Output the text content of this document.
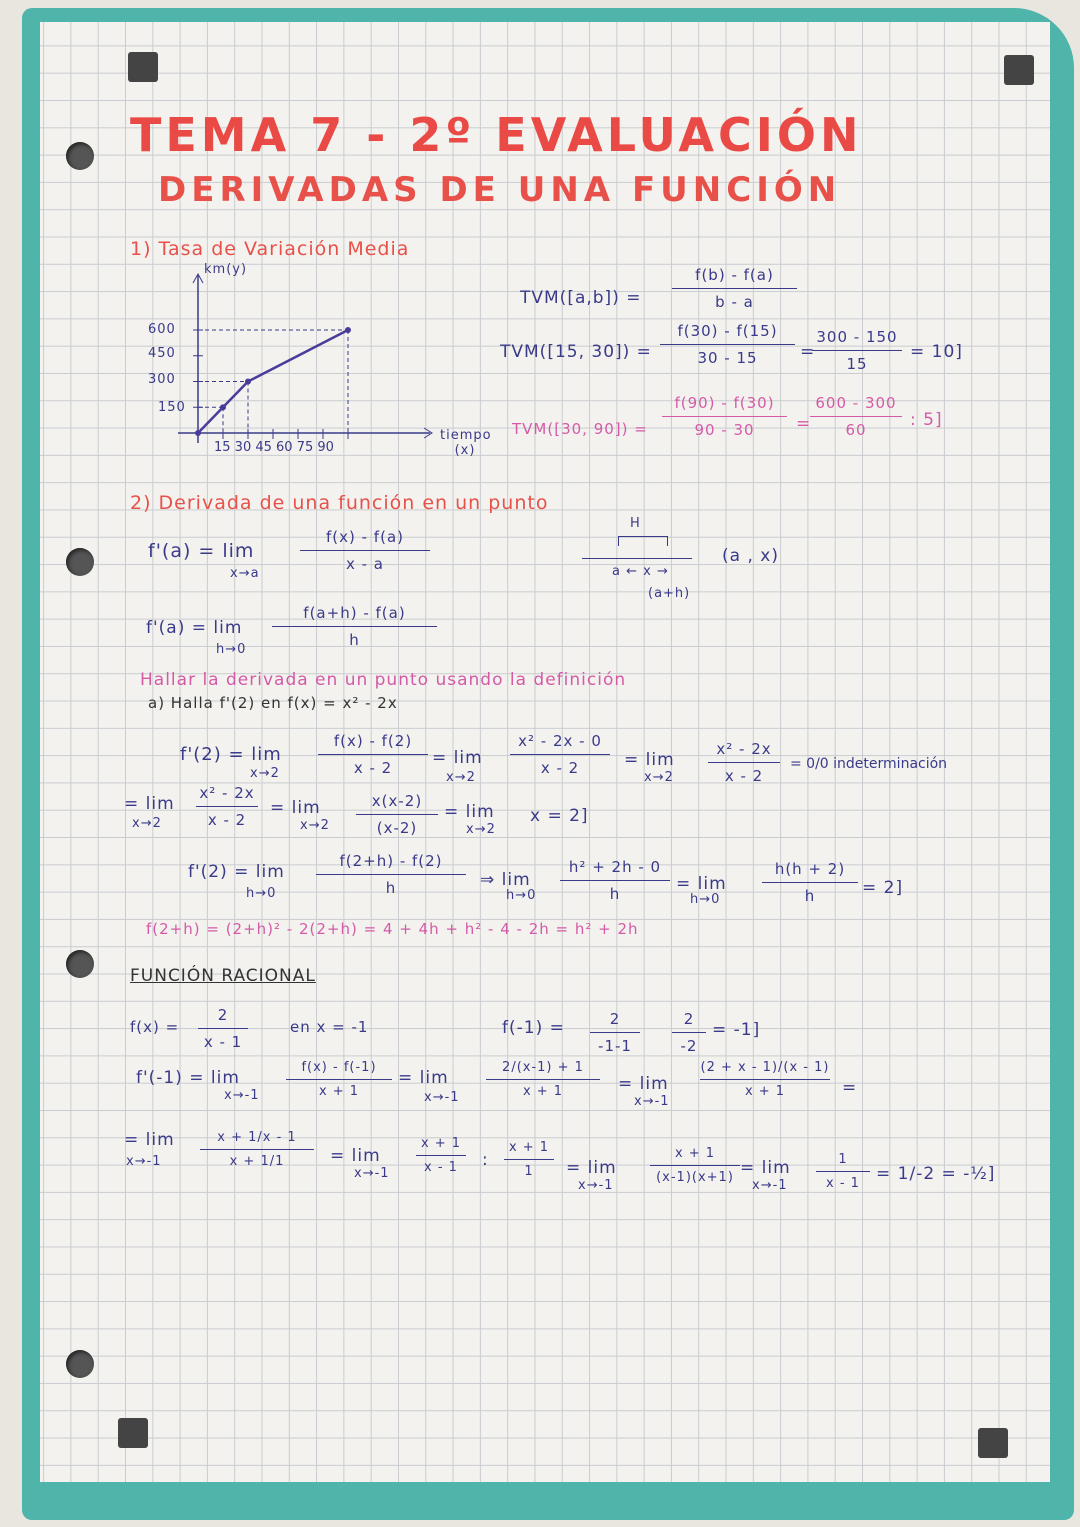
TEMA 7 - 2º EVALUACIÓN
DERIVADAS DE UNA FUNCIÓN
1) Tasa de Variación Media
km(y)
tiempo (x)
600
450
300
150
15 30 45 60 75 90
TVM([a,b]) =
f(b) - f(a)
b - a
TVM([15, 30]) =
f(30) - f(15)
30 - 15 =
300 - 150
15
= 10]
TVM([30, 90]) =
f(90) - f(30)
90 - 30 =
600 - 300
60	: 5]
2) Derivada de una función en un punto
f'(a) = lim
x→a
f(x) - f(a)
x - a
f'(a) = lim
h→0
f(a+h) - f(a)
h
H
a ← x →
(a+h)
(a , x)
Hallar la derivada en un punto usando la definición
a) Halla f'(2) en f(x) = x² - 2x
f'(2) = lim
x→2
f(x) - f(2)
x - 2 = lim
x→2
x² - 2x - 0
x - 2	= lim
x→2
x² - 2x
x - 2
= 0/0 indeterminación
= lim
x→2
x² - 2x
x - 2
= lim
x→2
x(x-2)
(x-2)
= lim
x→2
x = 2]
f'(2) = lim
h→0
f(2+h) - f(2)
h	⇒ lim
h→0
h² + 2h - 0
h	= lim
h→0
h(h + 2)
h	= 2]
f(2+h) = (2+h)² - 2(2+h) = 4 + 4h + h² - 4 - 2h = h² + 2h
FUNCIÓN RACIONAL
f(x) =
2
x - 1
en x = -1	f(-1) =	2
-1-1
2
-2
= -1]
f'(-1) = lim
x→-1
f(x) - f(-1)
x + 1
= lim
x→-1
2/(x-1) + 1
x + 1	= lim
x→-1
(2 + x - 1)/(x - 1)
x + 1	=
= lim
x→-1
x + 1/x - 1
x + 1/1	= lim
x→-1
x + 1
x - 1 :
x + 1
1 = lim
x→-1
x + 1
(x-1)(x+1) = lim
x→-1
1
x - 1 = 1/-2 = -½]
